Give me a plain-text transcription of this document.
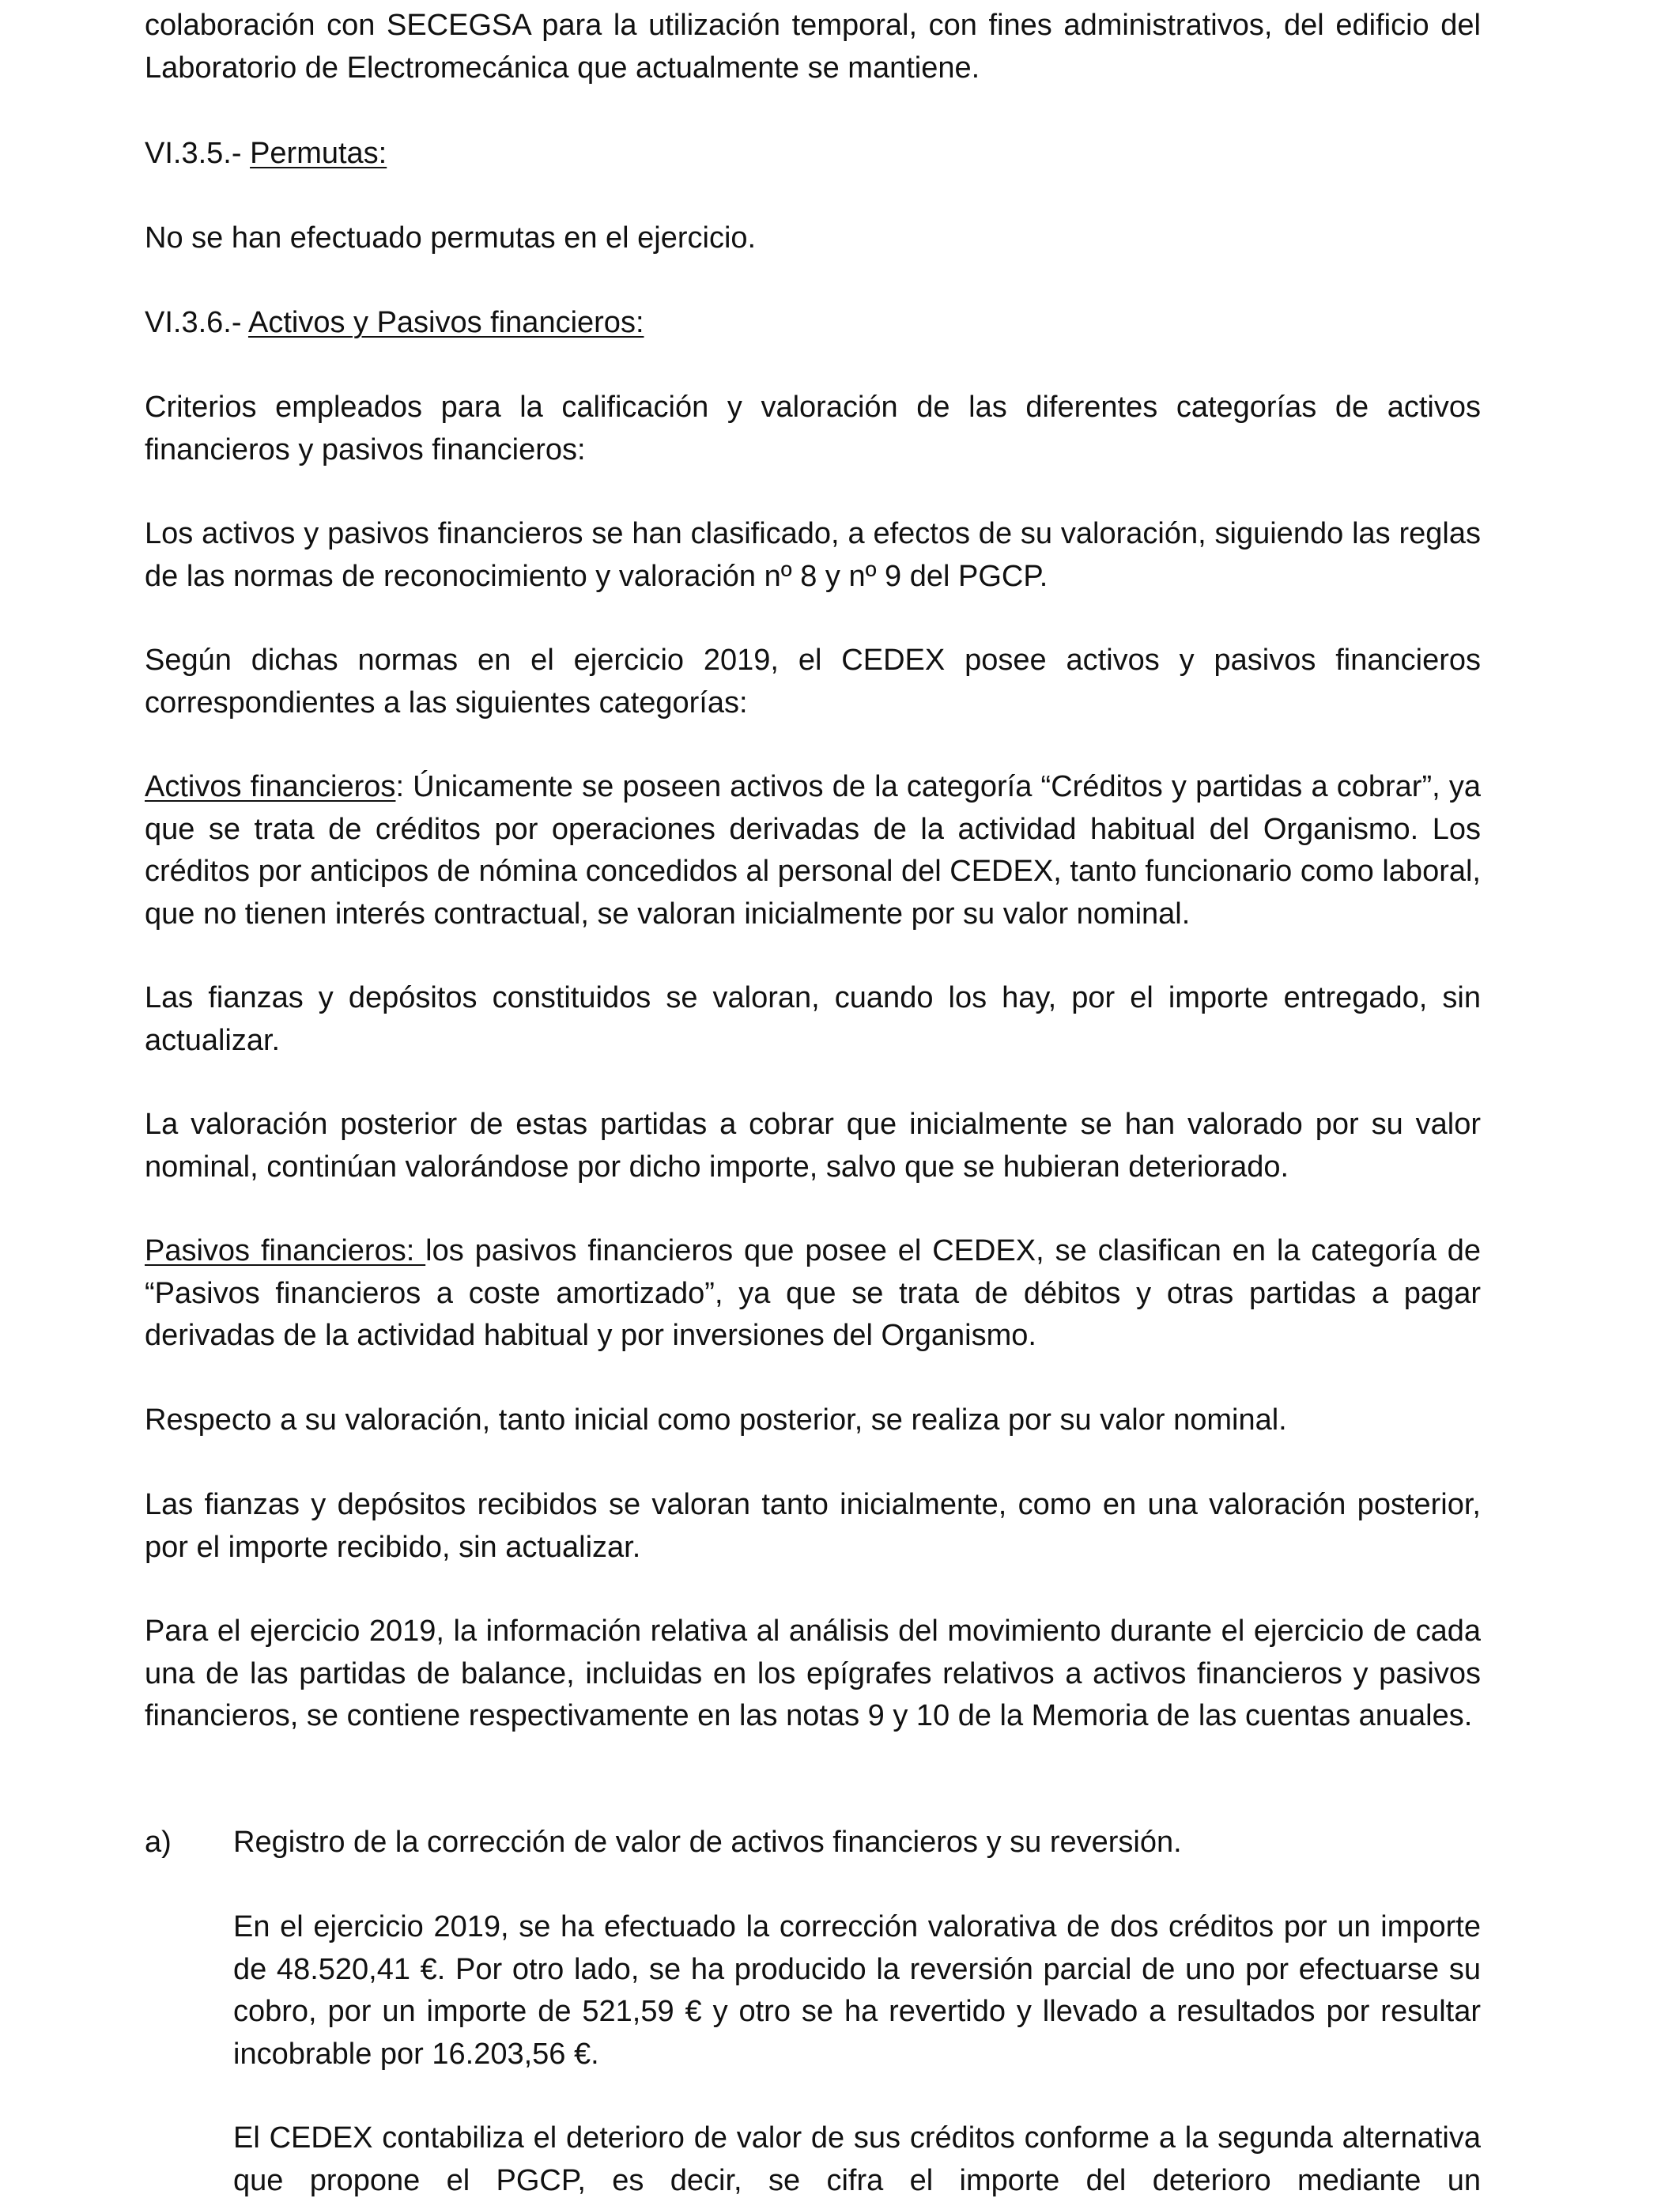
colaboración con SECEGSA para la utilización temporal, con fines administrativos, del edificio del Laboratorio de Electromecánica que actualmente se mantiene.

VI.3.5.- Permutas:

No se han efectuado permutas en el ejercicio.

VI.3.6.- Activos y Pasivos financieros:

Criterios empleados para la calificación y valoración de las diferentes categorías de activos financieros y pasivos financieros:

Los activos y pasivos financieros se han clasificado, a efectos de su valoración, siguiendo las reglas de las normas de reconocimiento y valoración nº 8 y nº 9 del PGCP.

Según dichas normas en el ejercicio 2019, el CEDEX posee activos y pasivos financieros correspondientes a las siguientes categorías:

Activos financieros: Únicamente se poseen activos de la categoría “Créditos y partidas a cobrar”, ya que se trata de créditos por operaciones derivadas de la actividad habitual del Organismo. Los créditos por anticipos de nómina concedidos al personal del CEDEX, tanto funcionario como laboral, que no tienen interés contractual, se valoran inicialmente por su valor nominal.

Las fianzas y depósitos constituidos se valoran, cuando los hay, por el importe entregado, sin actualizar.

La valoración posterior de estas partidas a cobrar que inicialmente se han valorado por su valor nominal, continúan valorándose por dicho importe, salvo que se hubieran deteriorado.

Pasivos financieros: los pasivos financieros que posee el CEDEX, se clasifican en la categoría de “Pasivos financieros a coste amortizado”, ya que se trata de débitos y otras partidas a pagar derivadas de la actividad habitual y por inversiones del Organismo.

Respecto a su valoración, tanto inicial como posterior, se realiza por su valor nominal.

Las fianzas y depósitos recibidos se valoran tanto inicialmente, como en una valoración posterior, por el importe recibido, sin actualizar.

Para el ejercicio 2019, la información relativa al análisis del movimiento durante el ejercicio de cada una de las partidas de balance, incluidas en los epígrafes relativos a activos financieros y pasivos financieros, se contiene respectivamente en las notas 9 y 10 de la Memoria de las cuentas anuales.

a) Registro de la corrección de valor de activos financieros y su reversión.

En el ejercicio 2019, se ha efectuado la corrección valorativa de dos créditos por un importe de 48.520,41 €. Por otro lado, se ha producido la reversión parcial de uno por efectuarse su cobro, por un importe de 521,59 € y otro se ha revertido y llevado a resultados por resultar incobrable por 16.203,56 €.

El CEDEX contabiliza el deterioro de valor de sus créditos conforme a la segunda alternativa que propone el PGCP, es decir, se cifra el importe del deterioro mediante un
